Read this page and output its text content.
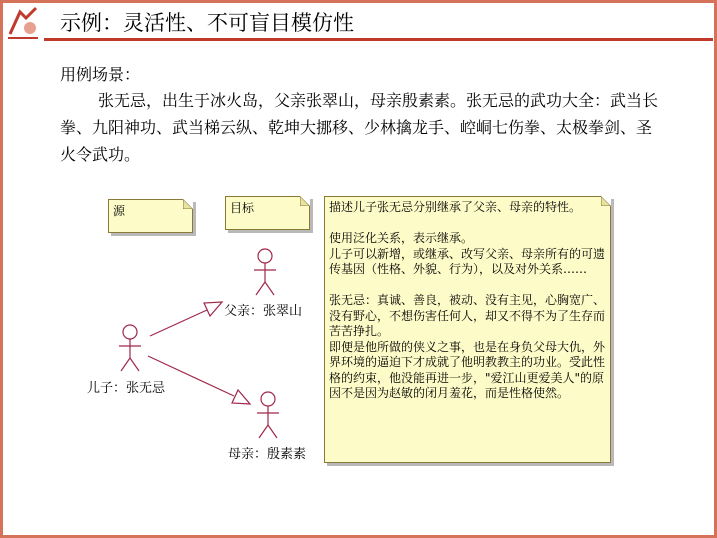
示例：灵活性、不可盲目模仿性
用例场景：
张无忌，出生于冰火岛，父亲张翠山，母亲殷素素。张无忌的武功大全：武当长拳、九阳神功、武当梯云纵、乾坤大挪移、少林擒龙手、崆峒七伤拳、太极拳剑、圣火令武功。
源	目标	描述儿子张无忌分别继承了父亲、母亲的特性。

使用泛化关系，表示继承。
儿子可以新增，或继承、改写父亲、母亲所有的可遗传基因（性格、外貌、行为），以及对外关系……

张无忌：真诚、善良，被动、没有主见，心胸宽广、没有野心，不想伤害任何人，却又不得不为了生存而苦苦挣扎。
即便是他所做的侠义之事，也是在身负父母大仇，外界环境的逼迫下才成就了他明教教主的功业。受此性格的约束，他没能再进一步，"爱江山更爱美人"的原因不是因为赵敏的闭月羞花，而是性格使然。
父亲：张翠山
儿子：张无忌
母亲：殷素素
